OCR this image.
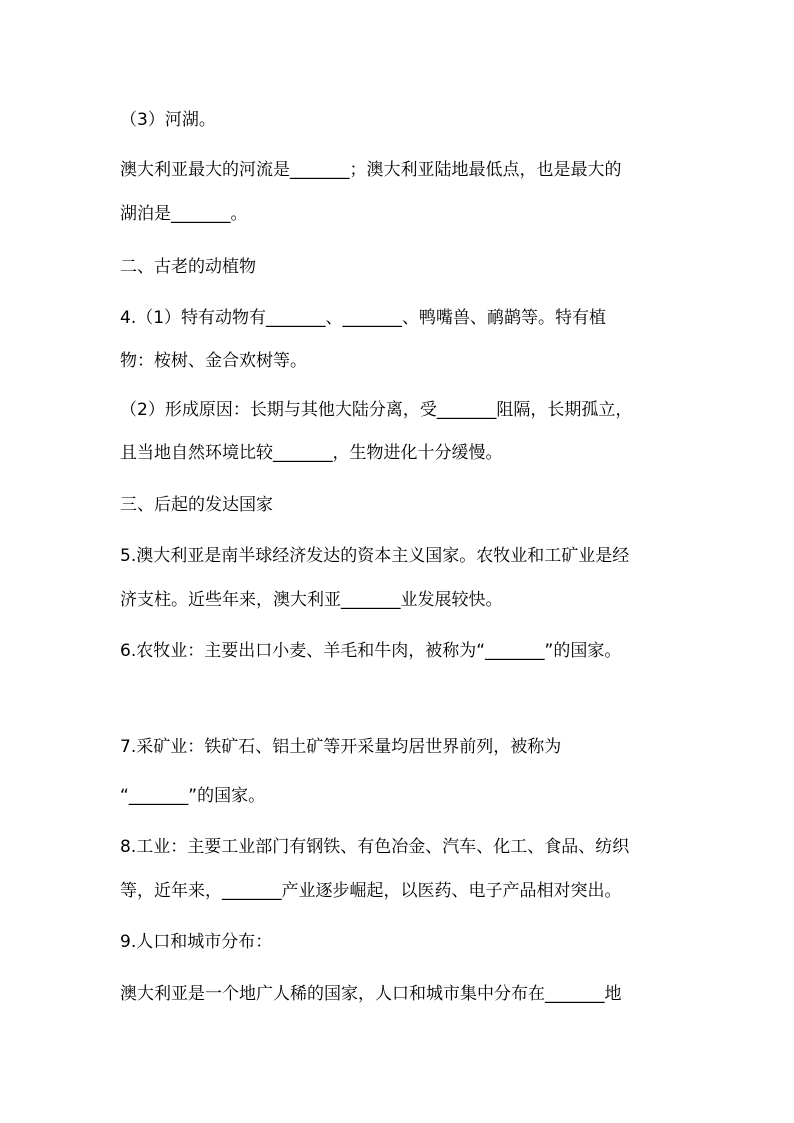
（3）河湖。
澳大利亚最大的河流是_______；澳大利亚陆地最低点，也是最大的
湖泊是_______。
二、古老的动植物
4.（1）特有动物有_______、_______、鸭嘴兽、鸸鹋等。特有植
物：桉树、金合欢树等。
（2）形成原因：长期与其他大陆分离，受_______阻隔，长期孤立，
且当地自然环境比较_______，生物进化十分缓慢。
三、后起的发达国家
5.澳大利亚是南半球经济发达的资本主义国家。农牧业和工矿业是经
济支柱。近些年来，澳大利亚_______业发展较快。
6.农牧业：主要出口小麦、羊毛和牛肉，被称为“_______”的国家。
7.采矿业：铁矿石、铝土矿等开采量均居世界前列，被称为
“_______”的国家。
8.工业：主要工业部门有钢铁、有色冶金、汽车、化工、食品、纺织
等，近年来，_______产业逐步崛起，以医药、电子产品相对突出。
9.人口和城市分布：
澳大利亚是一个地广人稀的国家，人口和城市集中分布在_______地
